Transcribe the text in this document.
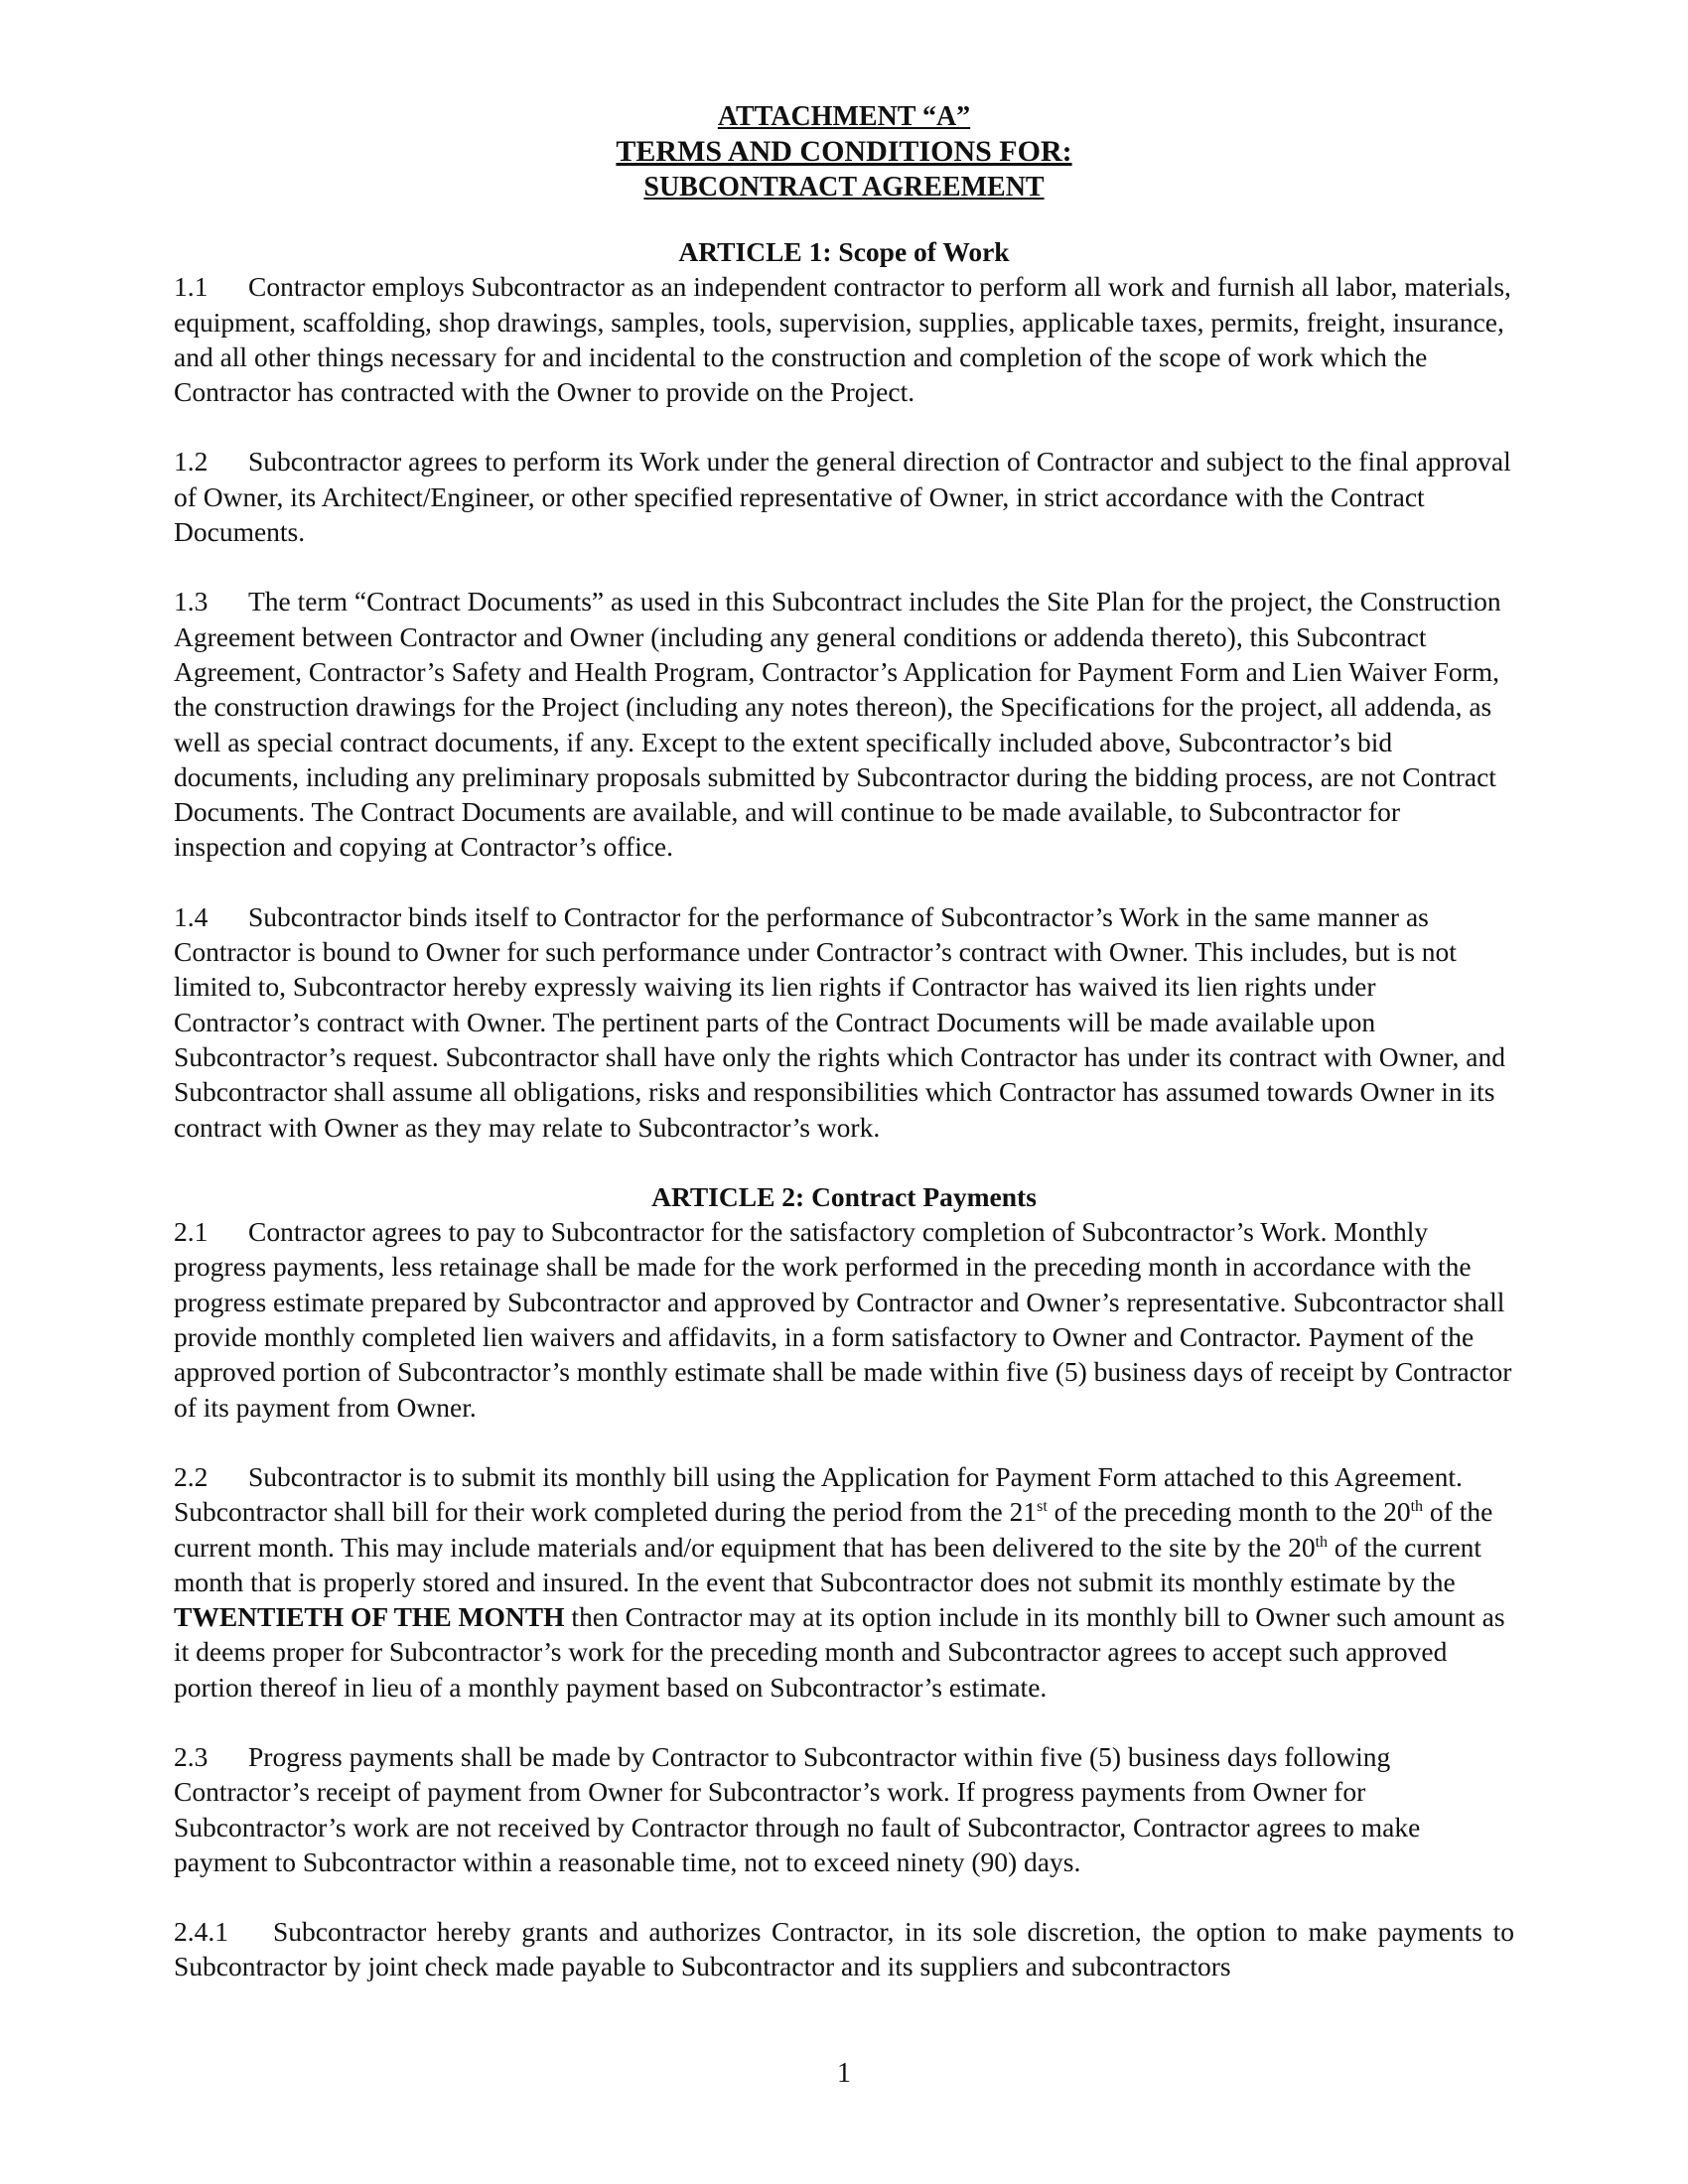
ATTACHMENT “A”
TERMS AND CONDITIONS FOR:
SUBCONTRACT AGREEMENT
ARTICLE 1: Scope of Work

1.1 Contractor employs Subcontractor as an independent contractor to perform all work and furnish all labor, materials, equipment, scaffolding, shop drawings, samples, tools, supervision, supplies, applicable taxes, permits, freight, insurance, and all other things necessary for and incidental to the construction and completion of the scope of work which the Contractor has contracted with the Owner to provide on the Project.

1.2 Subcontractor agrees to perform its Work under the general direction of Contractor and subject to the final approval of Owner, its Architect/Engineer, or other specified representative of Owner, in strict accordance with the Contract Documents.

1.3 The term “Contract Documents” as used in this Subcontract includes the Site Plan for the project, the Construction Agreement between Contractor and Owner (including any general conditions or addenda thereto), this Subcontract Agreement, Contractor’s Safety and Health Program, Contractor’s Application for Payment Form and Lien Waiver Form, the construction drawings for the Project (including any notes thereon), the Specifications for the project, all addenda, as well as special contract documents, if any. Except to the extent specifically included above, Subcontractor’s bid documents, including any preliminary proposals submitted by Subcontractor during the bidding process, are not Contract Documents. The Contract Documents are available, and will continue to be made available, to Subcontractor for inspection and copying at Contractor’s office.

1.4 Subcontractor binds itself to Contractor for the performance of Subcontractor’s Work in the same manner as Contractor is bound to Owner for such performance under Contractor’s contract with Owner. This includes, but is not limited to, Subcontractor hereby expressly waiving its lien rights if Contractor has waived its lien rights under Contractor’s contract with Owner. The pertinent parts of the Contract Documents will be made available upon Subcontractor’s request. Subcontractor shall have only the rights which Contractor has under its contract with Owner, and Subcontractor shall assume all obligations, risks and responsibilities which Contractor has assumed towards Owner in its contract with Owner as they may relate to Subcontractor’s work.

ARTICLE 2: Contract Payments

2.1 Contractor agrees to pay to Subcontractor for the satisfactory completion of Subcontractor’s Work. Monthly progress payments, less retainage shall be made for the work performed in the preceding month in accordance with the progress estimate prepared by Subcontractor and approved by Contractor and Owner’s representative. Subcontractor shall provide monthly completed lien waivers and affidavits, in a form satisfactory to Owner and Contractor. Payment of the approved portion of Subcontractor’s monthly estimate shall be made within five (5) business days of receipt by Contractor of its payment from Owner.

2.2 Subcontractor is to submit its monthly bill using the Application for Payment Form attached to this Agreement. Subcontractor shall bill for their work completed during the period from the 21st of the preceding month to the 20th of the current month. This may include materials and/or equipment that has been delivered to the site by the 20th of the current month that is properly stored and insured. In the event that Subcontractor does not submit its monthly estimate by the TWENTIETH OF THE MONTH then Contractor may at its option include in its monthly bill to Owner such amount as it deems proper for Subcontractor’s work for the preceding month and Subcontractor agrees to accept such approved portion thereof in lieu of a monthly payment based on Subcontractor’s estimate.

2.3 Progress payments shall be made by Contractor to Subcontractor within five (5) business days following Contractor’s receipt of payment from Owner for Subcontractor’s work. If progress payments from Owner for Subcontractor’s work are not received by Contractor through no fault of Subcontractor, Contractor agrees to make payment to Subcontractor within a reasonable time, not to exceed ninety (90) days.

2.4.1 Subcontractor hereby grants and authorizes Contractor, in its sole discretion, the option to make payments to Subcontractor by joint check made payable to Subcontractor and its suppliers and subcontractors

1
